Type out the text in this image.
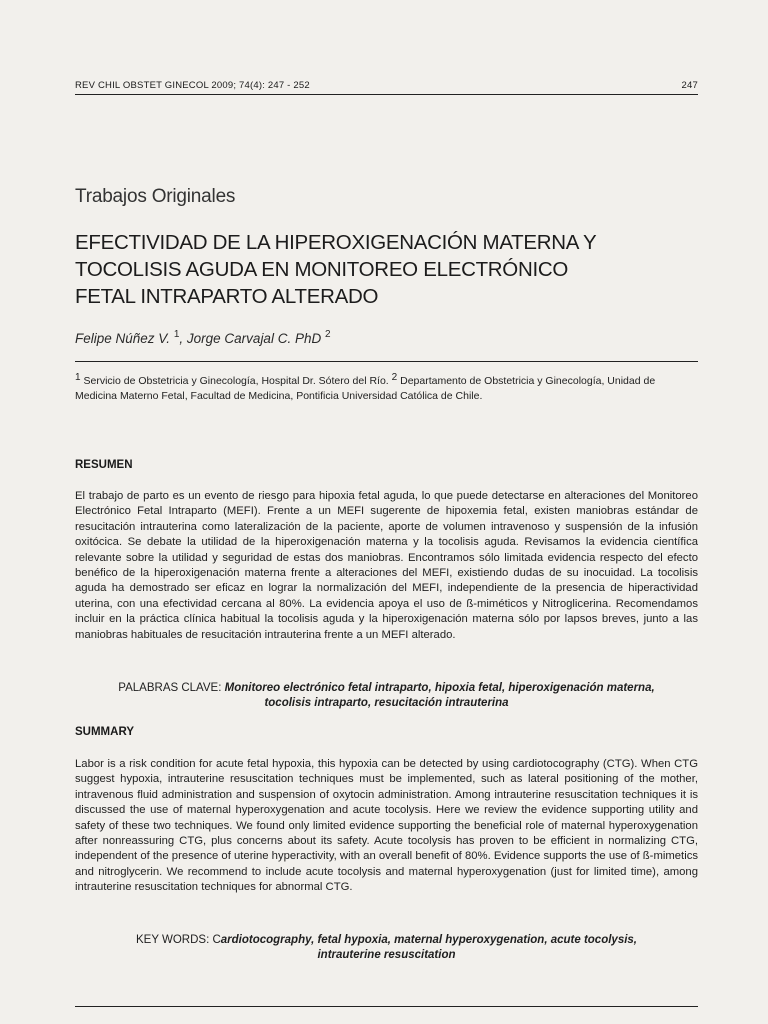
REV CHIL OBSTET GINECOL 2009; 74(4): 247 - 252	247
Trabajos Originales
EFECTIVIDAD DE LA HIPEROXIGENACIÓN MATERNA Y
TOCOLISIS AGUDA EN MONITOREO ELECTRÓNICO
FETAL INTRAPARTO ALTERADO
Felipe Núñez V. $^1$, Jorge Carvajal C. PhD $^2$
$^1$ Servicio de Obstetricia y Ginecología, Hospital Dr. Sótero del Río. $^2$ Departamento de Obstetricia y Ginecología, Unidad de Medicina Materno Fetal, Facultad de Medicina, Pontificia Universidad Católica de Chile.
RESUMEN

El trabajo de parto es un evento de riesgo para hipoxia fetal aguda, lo que puede detectarse en alteraciones del Monitoreo Electrónico Fetal Intraparto (MEFI). Frente a un MEFI sugerente de hipoxemia fetal, existen maniobras estándar de resucitación intrauterina como lateralización de la paciente, aporte de volumen intravenoso y suspensión de la infusión oxitócica. Se debate la utilidad de la hiperoxigenación materna y la tocolisis aguda. Revisamos la evidencia científica relevante sobre la utilidad y seguridad de estas dos maniobras. Encontramos sólo limitada evidencia respecto del efecto benéfico de la hiperoxigenación materna frente a alteraciones del MEFI, existiendo dudas de su inocuidad. La tocolisis aguda ha demostrado ser eficaz en lograr la normalización del MEFI, independiente de la presencia de hiperactividad uterina, con una efectividad cercana al 80%. La evidencia apoya el uso de ß-miméticos y Nitroglicerina. Recomendamos incluir en la práctica clínica habitual la tocolisis aguda y la hiperoxigenación materna sólo por lapsos breves, junto a las maniobras habituales de resucitación intrauterina frente a un MEFI alterado.

PALABRAS CLAVE: Monitoreo electrónico fetal intraparto, hipoxia fetal, hiperoxigenación materna,
tocolisis intraparto, resucitación intrauterina
SUMMARY

Labor is a risk condition for acute fetal hypoxia, this hypoxia can be detected by using cardiotocography (CTG). When CTG suggest hypoxia, intrauterine resuscitation techniques must be implemented, such as lateral positioning of the mother, intravenous fluid administration and suspension of oxytocin administration. Among intrauterine resuscitation techniques it is discussed the use of maternal hyperoxygenation and acute tocolysis. Here we review the evidence supporting utility and safety of these two techniques. We found only limited evidence supporting the beneficial role of maternal hyperoxygenation after nonreassuring CTG, plus concerns about its safety. Acute tocolysis has proven to be efficient in normalizing CTG, independent of the presence of uterine hyperactivity, with an overall benefit of 80%. Evidence supports the use of ß-mimetics and nitroglycerin. We recommend to include acute tocolysis and maternal hyperoxygenation (just for limited time), among intrauterine resuscitation techniques for abnormal CTG.

KEY WORDS: Cardiotocography, fetal hypoxia, maternal hyperoxygenation, acute tocolysis,
intrauterine resuscitation
